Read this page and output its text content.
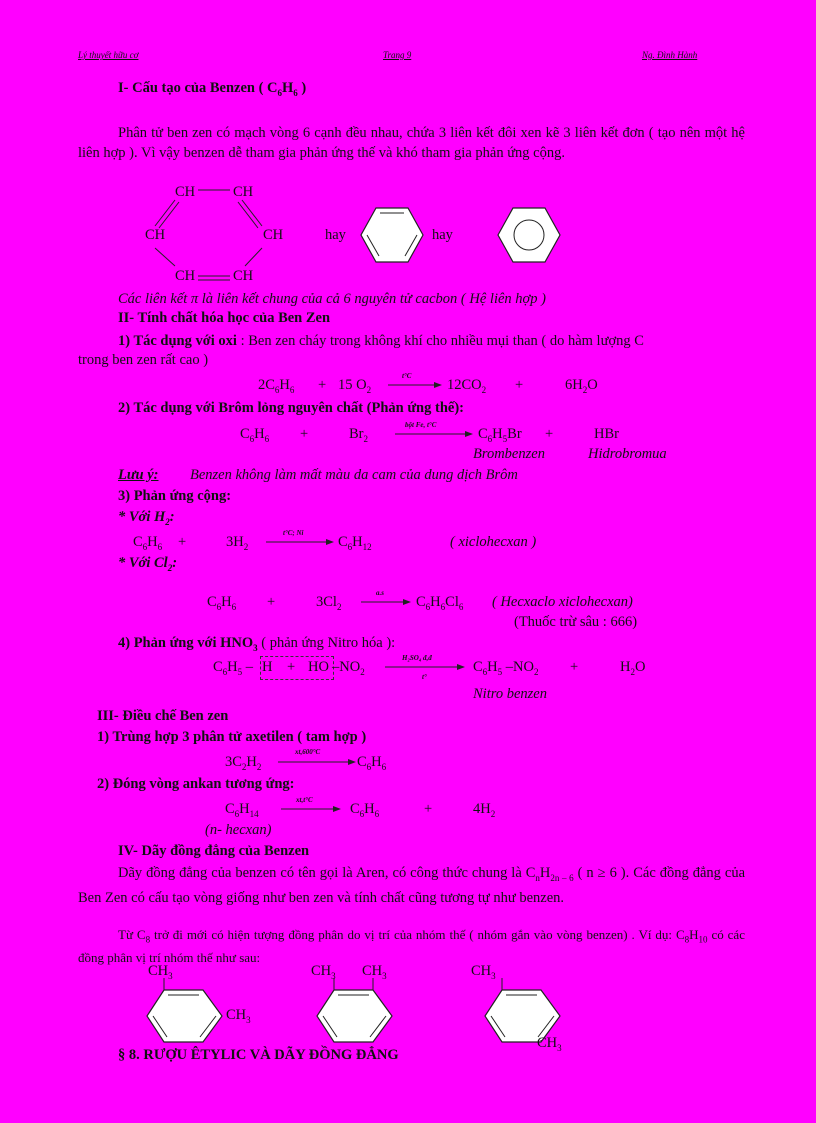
Lý thuyết hữu cơ	Trang 9	Ng. Đình Hành
I- Cấu tạo của Benzen ( $C_6H_6$ )
Phân tử ben zen có mạch vòng 6 cạnh đều nhau, chứa 3 liên kết đôi xen kẽ 3 liên kết đơn ( tạo nên một hệ liên hợp ). Vì vậy benzen dễ tham gia phản ứng thế và khó tham gia phản ứng cộng.
CH	CH
CH	CH
CH	CH
hay	hay
Các liên kết π là liên kết chung của cả 6 nguyên tử cacbon ( Hệ liên hợp )
II- Tính chất hóa học của Ben Zen
1) Tác dụng với oxi : Ben zen cháy trong không khí cho nhiều mụi than ( do hàm lượng C
trong ben zen rất cao )
$2C_6H_6 + 15$ $O_2$
t°C
$12CO_2$ +	$6H_2O$
2) Tác dụng với Brôm lỏng nguyên chất (Phản ứng thế):
$C_6H_6$ +	$Br_2$
bột Fe, t°C
$C_6H_5Br$ +	HBr
Brombenzen	Hidrobromua
Lưu ý: Benzen không làm mất màu da cam của dung dịch Brôm
3) Phản ứng cộng:
* Với $H_2$:
$C_6H_6$ +	$3H_2$
t°C; Ni
$C_6H_{12}$	( xiclohecxan )
* Với $Cl_2$:
$C_6H_6$ +	$3Cl_2$
a.s
$C_6H_6Cl_6$ ( Hecxaclo xiclohecxan)
(Thuốc trừ sâu : 666)
4) Phản ứng với $HNO_3$ ( phản ứng Nitro hóa ):
$C_6H_5$ – H + HO $-NO_2$
H₂SO₄ đ,đ
t°
$C_6H_5$ $-NO_2$ +	$H_2O$
Nitro benzen
III- Điều chế Ben zen
1) Trùng hợp 3 phân tử axetilen ( tam hợp )
$3C_2H_2$
xt,600°C
$C_6H_6$
2) Đóng vòng ankan tương ứng:
$C_6H_{14}$
xt,t°C
$C_6H_6$	+	$4H_2$
(n- hecxan)
IV- Dãy đồng đẳng của Benzen
Dãy đồng đẳng của benzen có tên gọi là Aren, có công thức chung là $C_nH_{2n - 6}$ ( n ≥ 6 ). Các đồng đẳng của Ben Zen có cấu tạo vòng giống như ben zen và tính chất cũng tương tự như benzen.
Từ $C_8$ trở đi mới có hiện tượng đồng phân do vị trí của nhóm thế ( nhóm gắn vào vòng benzen) . Ví dụ: $C_8H_{10}$ có các đồng phân vị trí nhóm thế như sau:
$CH_3$
$CH_3$
$CH_3$ $CH_3$	$CH_3$
$CH_3$
§ 8. RƯỢU ÊTYLIC VÀ DÃY ĐỒNG ĐẲNG
